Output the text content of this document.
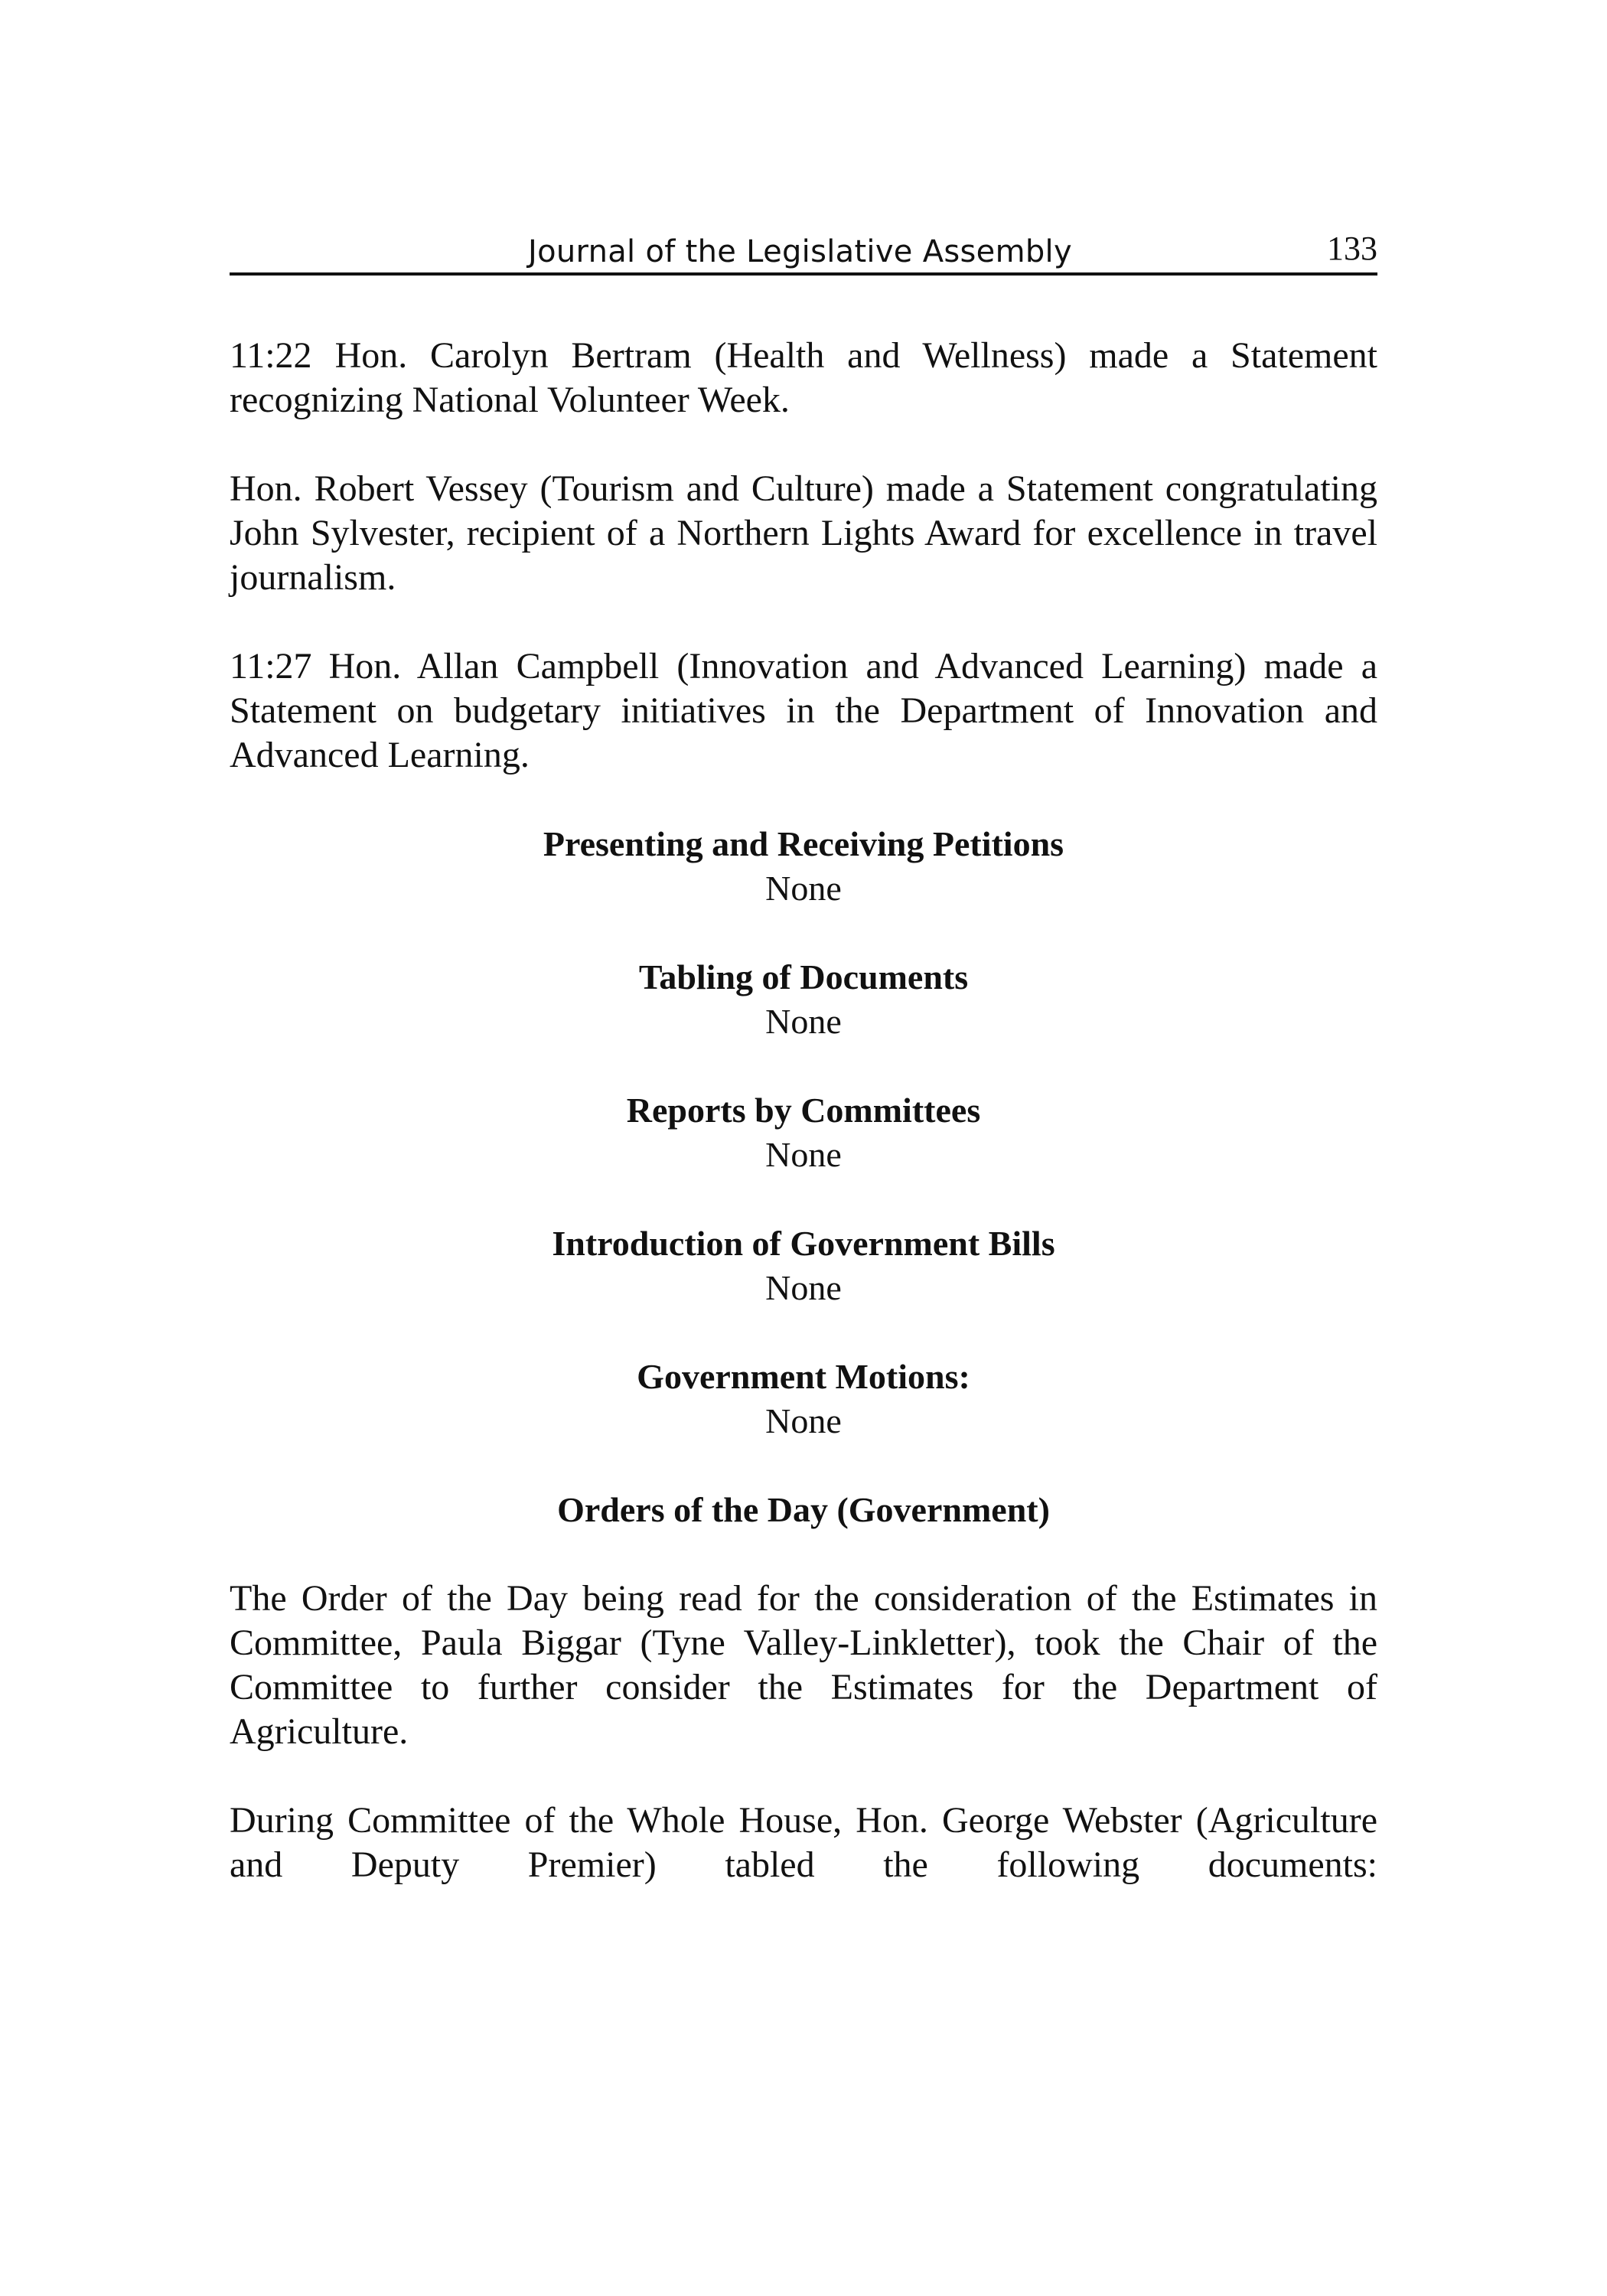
Journal of the Legislative Assembly	133

11:22 Hon. Carolyn Bertram (Health and Wellness) made a Statement recognizing National Volunteer Week.

Hon. Robert Vessey (Tourism and Culture) made a Statement congratulating John Sylvester, recipient of a Northern Lights Award for excellence in travel journalism.

11:27 Hon. Allan Campbell (Innovation and Advanced Learning) made a Statement on budgetary initiatives in the Department of Innovation and Advanced Learning.

Presenting and Receiving Petitions

None

Tabling of Documents

None

Reports by Committees

None

Introduction of Government Bills

None

Government Motions:

None

Orders of the Day (Government)

The Order of the Day being read for the consideration of the Estimates in Committee, Paula Biggar (Tyne Valley-Linkletter), took the Chair of the Committee to further consider the Estimates for the Department of Agriculture.

During Committee of the Whole House, Hon. George Webster (Agriculture and Deputy Premier) tabled the following documents:
